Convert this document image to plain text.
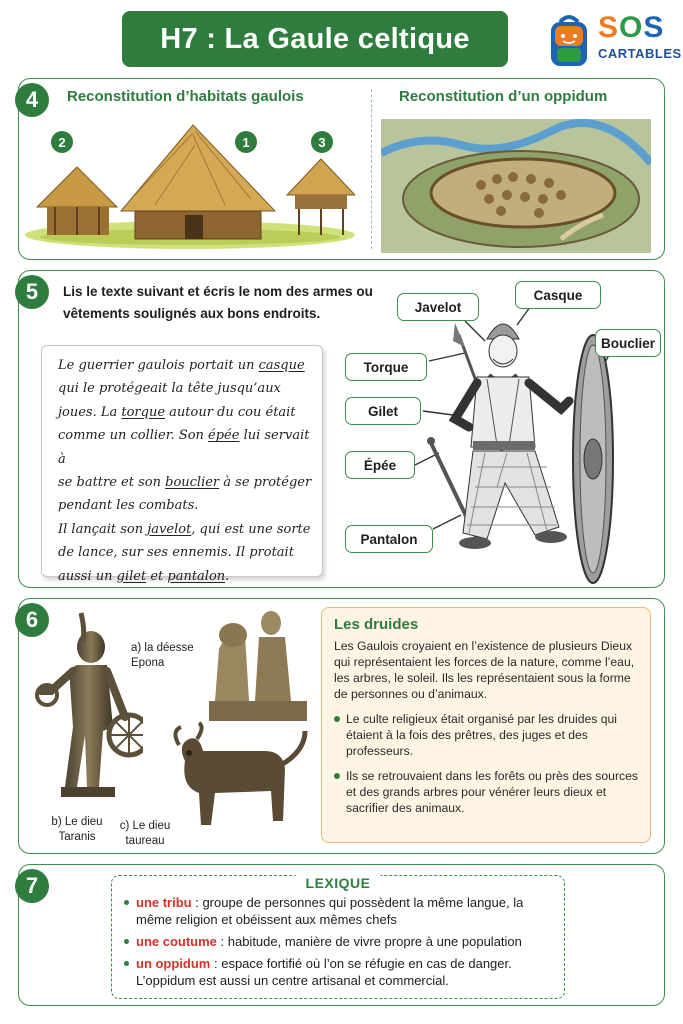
H7 : La Gaule celtique	SOS
CARTABLES
Reconstitution d’habitats gaulois	Reconstitution d’un oppidum
2	1	3
4
Lis le texte suivant et écris le nom des armes ou vêtements soulignés aux bons endroits.

Le guerrier gaulois portait un casque
qui le protégeait la tête jusqu’aux
joues. La torque autour du cou était
comme un collier. Son épée lui servait à
se battre et son bouclier à se protéger
pendant les combats.
Il lançait son javelot, qui est une sorte
de lance, sur ses ennemis. Il protait
aussi un gilet et pantalon.

Javelot
Casque
Bouclier
Torque
Gilet
Épée
Pantalon
5
a) la déesse Epona
b) Le dieu Taranis
c) Le dieu taureau
Les druides

Les Gaulois croyaient en l’existence de plusieurs Dieux qui représentaient les forces de la nature, comme l’eau, les arbres, le soleil. Ils les représentaient sous la forme de personnes ou d’animaux.

Le culte religieux était organisé par les druides qui étaient à la fois des prêtres, des juges et des professeurs.

Ils se retrouvaient dans les forêts ou près des sources et des grands arbres pour vénérer leurs dieux et sacrifier des animaux.

6
LEXIQUE
une tribu : groupe de personnes qui possèdent la même langue, la même religion et obéissent aux mêmes chefs
une coutume : habitude, manière de vivre propre à une population
un oppidum : espace fortifié où l’on se réfugie en cas de danger. L’oppidum est aussi un centre artisanal et commercial.
7
